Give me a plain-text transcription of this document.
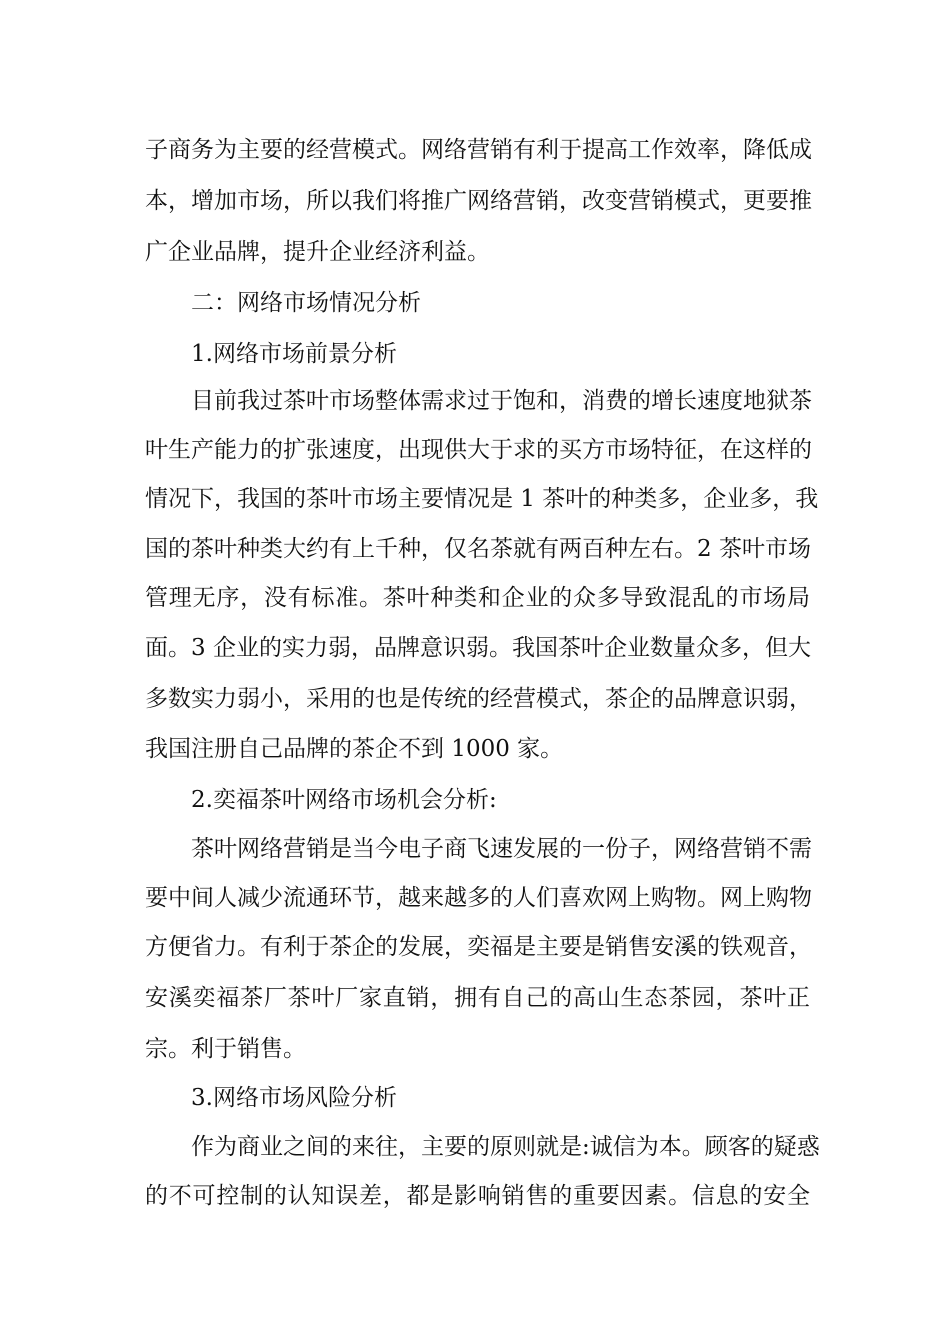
子商务为主要的经营模式。网络营销有利于提高工作效率，降低成
本，增加市场，所以我们将推广网络营销，改变营销模式，更要推
广企业品牌，提升企业经济利益。
二：网络市场情况分析
1.网络市场前景分析
目前我过茶叶市场整体需求过于饱和，消费的增长速度地狱茶
叶生产能力的扩张速度，出现供大于求的买方市场特征，在这样的
情况下，我国的茶叶市场主要情况是 1 茶叶的种类多，企业多，我
国的茶叶种类大约有上千种，仅名茶就有两百种左右。2 茶叶市场
管理无序，没有标准。茶叶种类和企业的众多导致混乱的市场局
面。3 企业的实力弱，品牌意识弱。我国茶叶企业数量众多，但大
多数实力弱小，采用的也是传统的经营模式，茶企的品牌意识弱，
我国注册自己品牌的茶企不到 1000 家。
2.奕福茶叶网络市场机会分析:
茶叶网络营销是当今电子商飞速发展的一份子，网络营销不需
要中间人减少流通环节，越来越多的人们喜欢网上购物。网上购物
方便省力。有利于茶企的发展，奕福是主要是销售安溪的铁观音，
安溪奕福茶厂茶叶厂家直销，拥有自己的高山生态茶园，茶叶正
宗。利于销售。
3.网络市场风险分析
作为商业之间的来往，主要的原则就是:诚信为本。顾客的疑惑
的不可控制的认知误差，都是影响销售的重要因素。信息的安全
